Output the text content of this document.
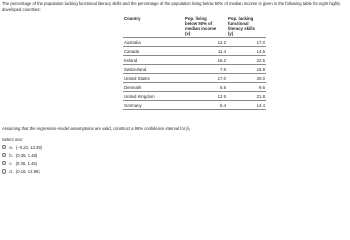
The percentage of the population lacking functional literacy skills and the percentage of the population living below 50% of median income is given in the following table for eight highly developed countries:

Country	Pop. living
below 50% of
median income
(x)	Pop. lacking
functional
literacy skills
(y)
Australia	12.2	17.0
Canada	11.4	14.6
Ireland	16.2	22.6
Switzerland	7.6	15.9
United States	17.0	20.0
Denmark	5.6	9.6
United Kingdom	12.5	21.8
Germany	6.4	14.4

Assuming that the regression-model assumptions are valid, construct a 95% confidence interval for β₁

Select one:

a. (−0.23, 13.39)
b. (0.35, 1.48)
c. (0.36, 1.45)
d. (0.16, 12.99)
